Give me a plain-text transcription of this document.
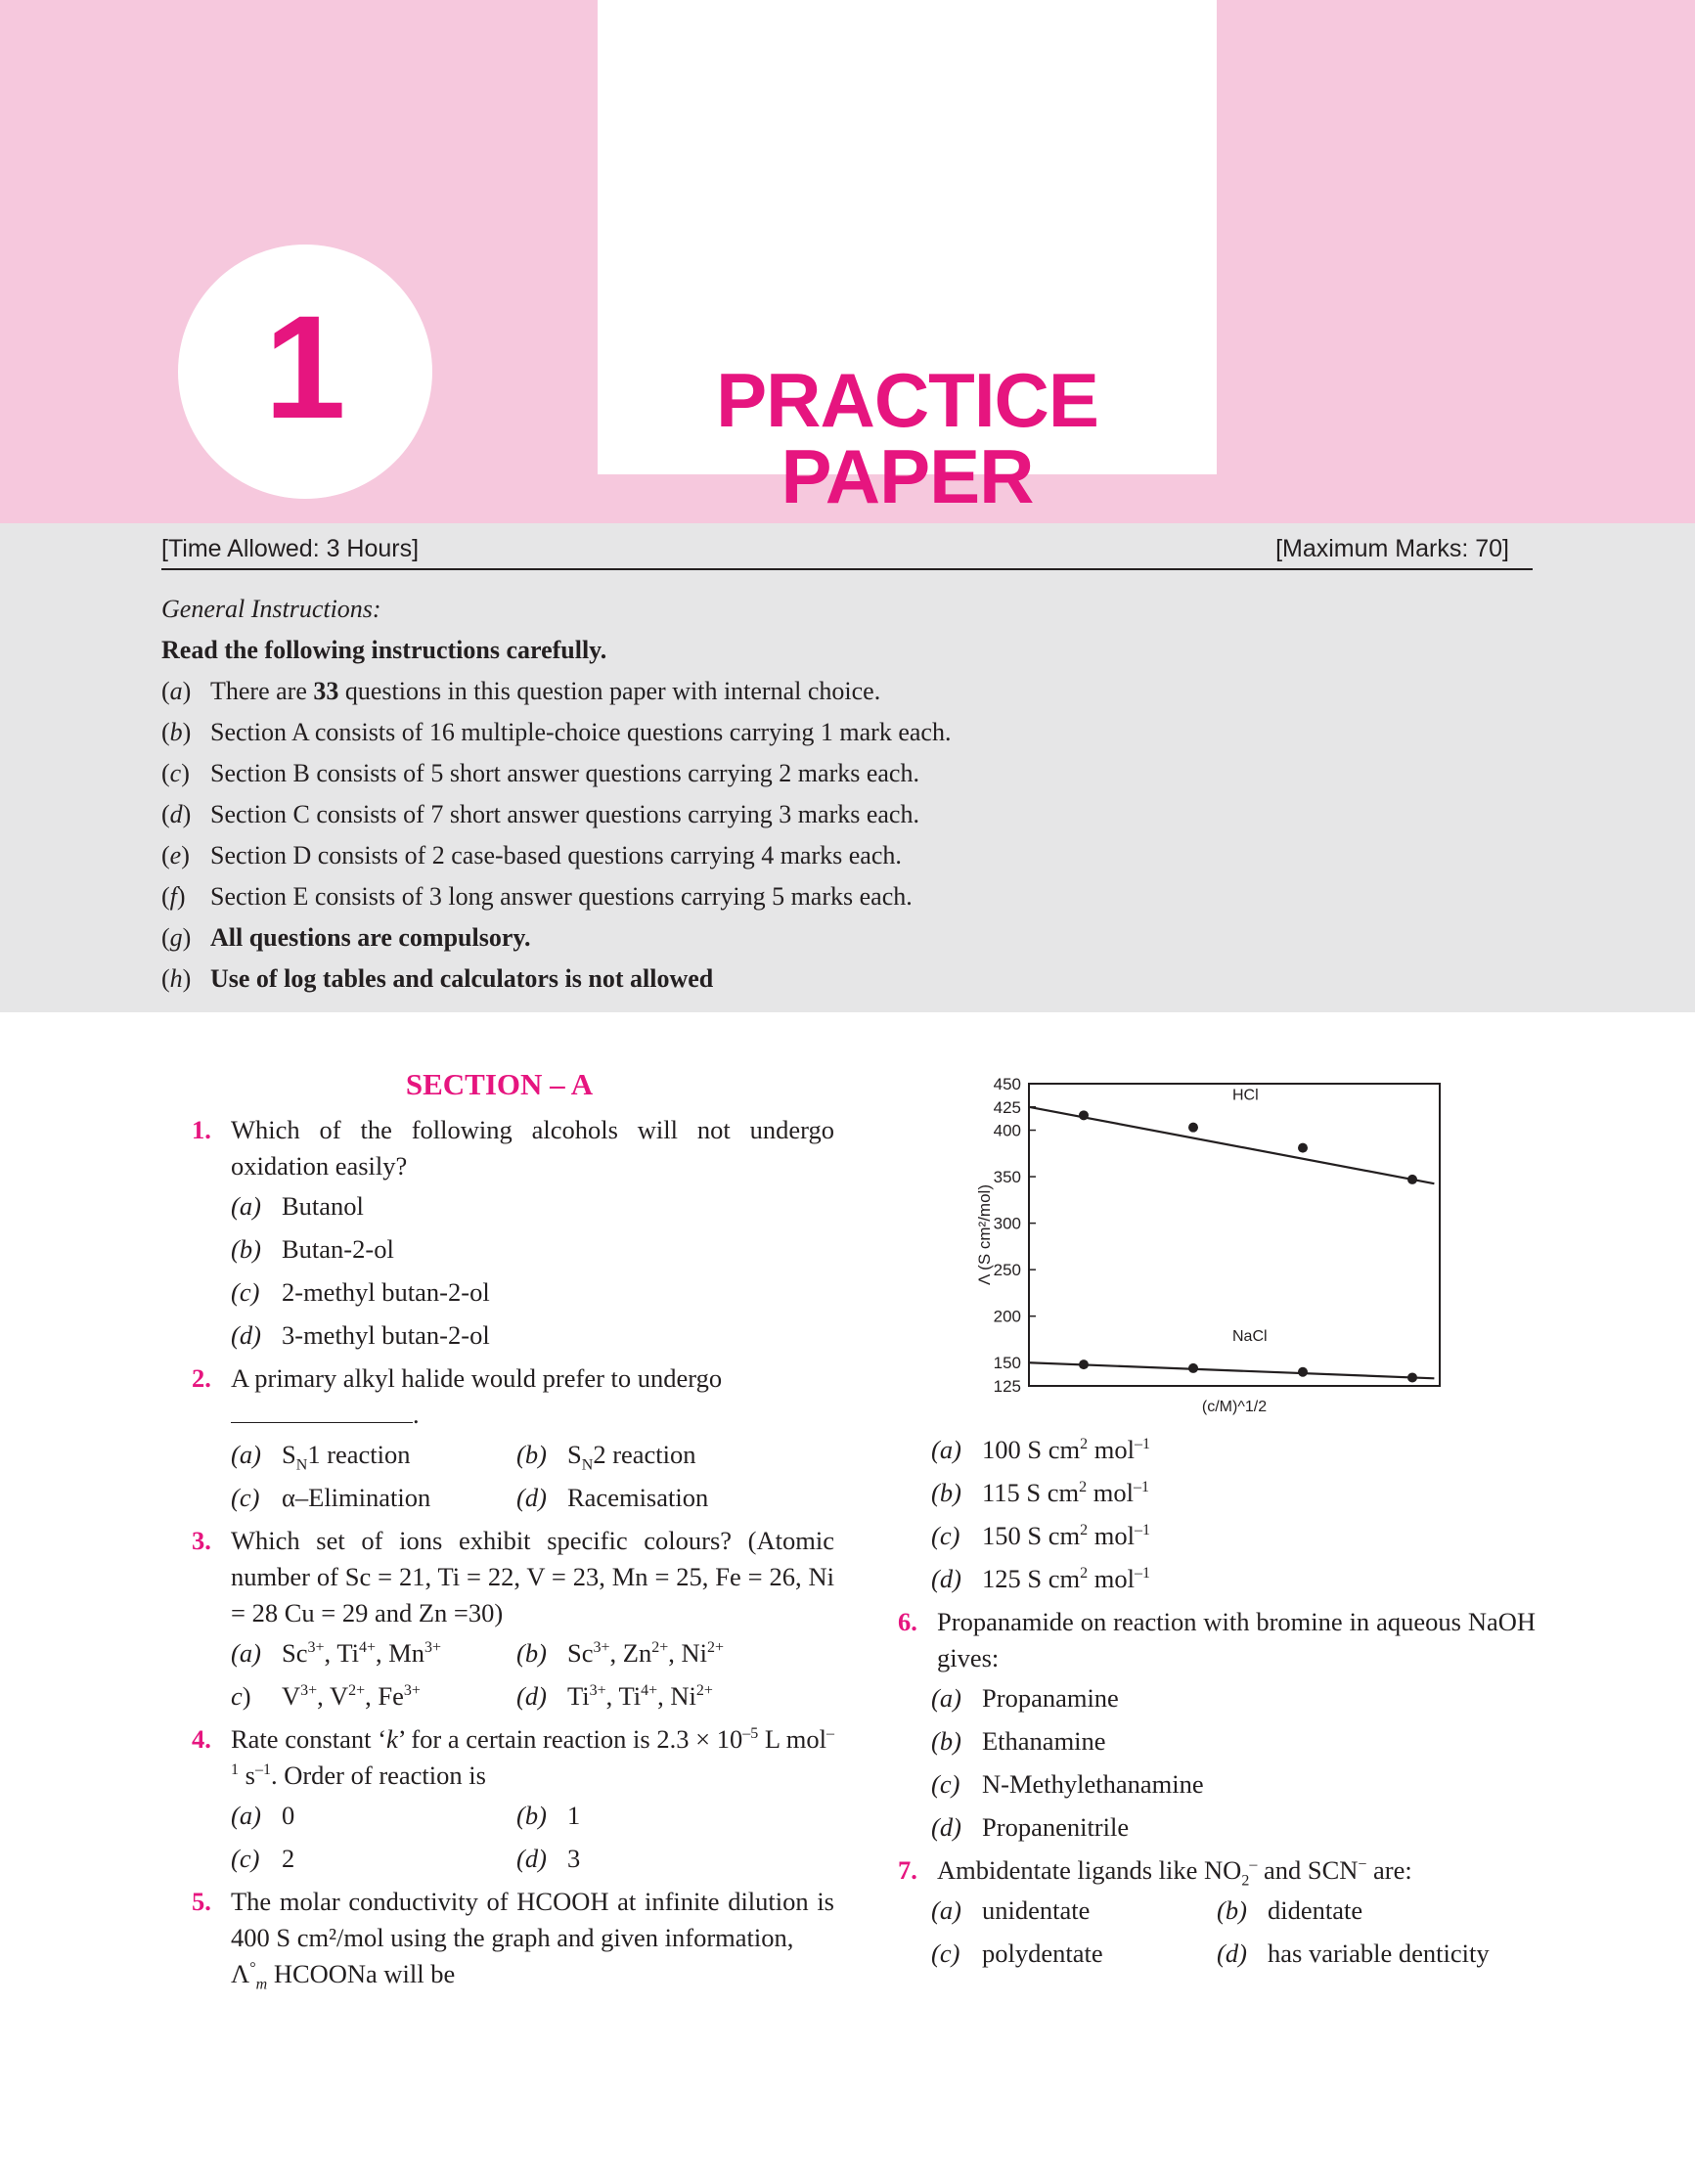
1	PRACTICE PAPER
[Time Allowed: 3 Hours]	[Maximum Marks: 70]
General Instructions:
Read the following instructions carefully.
(a) There are 33 questions in this question paper with internal choice.
(b) Section A consists of 16 multiple-choice questions carrying 1 mark each.
(c) Section B consists of 5 short answer questions carrying 2 marks each.
(d) Section C consists of 7 short answer questions carrying 3 marks each.
(e) Section D consists of 2 case-based questions carrying 4 marks each.
(f) Section E consists of 3 long answer questions carrying 5 marks each.
(g) All questions are compulsory.
(h) Use of log tables and calculators is not allowed
SECTION – A
1. Which of the following alcohols will not undergo oxidation easily?
(a) Butanol
(b) Butan-2-ol
(c) 2-methyl butan-2-ol
(d) 3-methyl butan-2-ol
2. A primary alkyl halide would prefer to undergo
.
(a) $S_N1$ reaction	(b) $S_N2$ reaction
(c) α–Elimination	(d) Racemisation
3. Which set of ions exhibit specific colours? (Atomic number of Sc = 21, Ti = 22, V = 23, Mn = 25, Fe = 26, Ni = 28 Cu = 29 and Zn =30)
(a) $Sc^{3+}$, $Ti^{4+}$, $Mn^{3+}$	(b) $Sc^{3+}$, $Zn^{2+}$, $Ni^{2+}$
c)	$V^{3+}$, $V^{2+}$, $Fe^{3+}$	(d) $Ti^{3+}$, $Ti^{4+}$, $Ni^{2+}$
4. Rate constant ‘k’ for a certain reaction is $2.3 \times 10^{-5}$ L mol$^{-1}$ $s^{-1}$. Order of reaction is
(a) 0	(b) 1
(c) 2	(d) 3
5. The molar conductivity of HCOOH at infinite dilution is 400 S cm²/mol using the graph and given information,
$\Lambda^\circ_m$ HCOONa will be
450
425
400
350
300
250
200
150
125
Λ (S cm²/mol)
(c/M)^1/2
HCl
NaCl
(a) 100 S $cm^2$ mol$^{-1}$
(b) 115 S $cm^2$ mol$^{-1}$
(c) 150 S $cm^2$ mol$^{-1}$
(d) 125 S $cm^2$ mol$^{-1}$
6. Propanamide on reaction with bromine in aqueous NaOH gives:
(a) Propanamine
(b) Ethanamine
(c) N-Methylethanamine
(d) Propanenitrile
7. Ambidentate ligands like $NO_2^-$ and SCN− are:
(a) unidentate	(b) didentate
(c) polydentate	(d) has variable denticity
